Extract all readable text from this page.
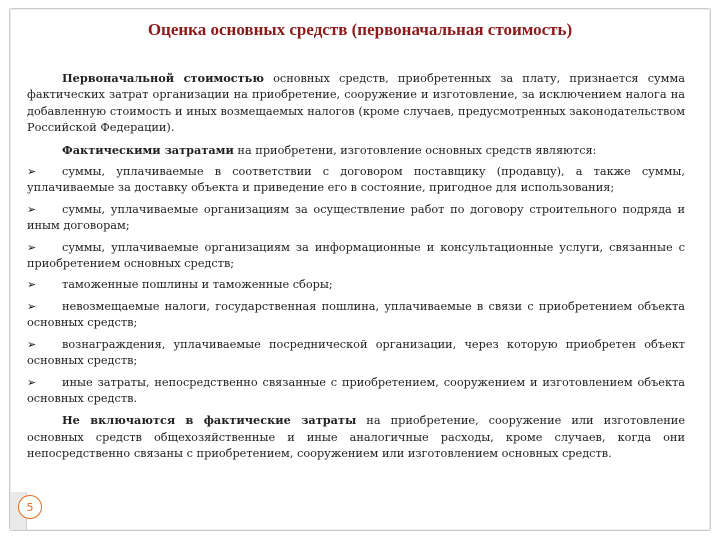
Оценка основных средств (первоначальная стоимость)

Первоначальной стоимостью основных средств, приобретенных за плату, признается сумма фактических затрат организации на приобретение, сооружение и изготовление, за исключением налога на добавленную стоимость и иных возмещаемых налогов (кроме случаев, предусмотренных законодательством Российской Федерации).

Фактическими затратами на приобретени, изготовление основных средств являются:

➢ суммы, уплачиваемые в соответствии с договором поставщику (продавцу), а также суммы, уплачиваемые за доставку объекта и приведение его в состояние, пригодное для использования;
➢ суммы, уплачиваемые организациям за осуществление работ по договору строительного подряда и иным договорам;
➢ суммы, уплачиваемые организациям за информационные и консультационные услуги, связанные с приобретением основных средств;
➢ таможенные пошлины и таможенные сборы;
➢ невозмещаемые налоги, государственная пошлина, уплачиваемые в связи с приобретением объекта основных средств;
➢ вознаграждения, уплачиваемые посреднической организации, через которую приобретен объект основных средств;
➢ иные затраты, непосредственно связанные с приобретением, сооружением и изготовлением объекта основных средств.

Не включаются в фактические затраты на приобретение, сооружение или изготовление основных средств общехозяйственные и иные аналогичные расходы, кроме случаев, когда они непосредственно связаны с приобретением, сооружением или изготовлением основных средств.

5
